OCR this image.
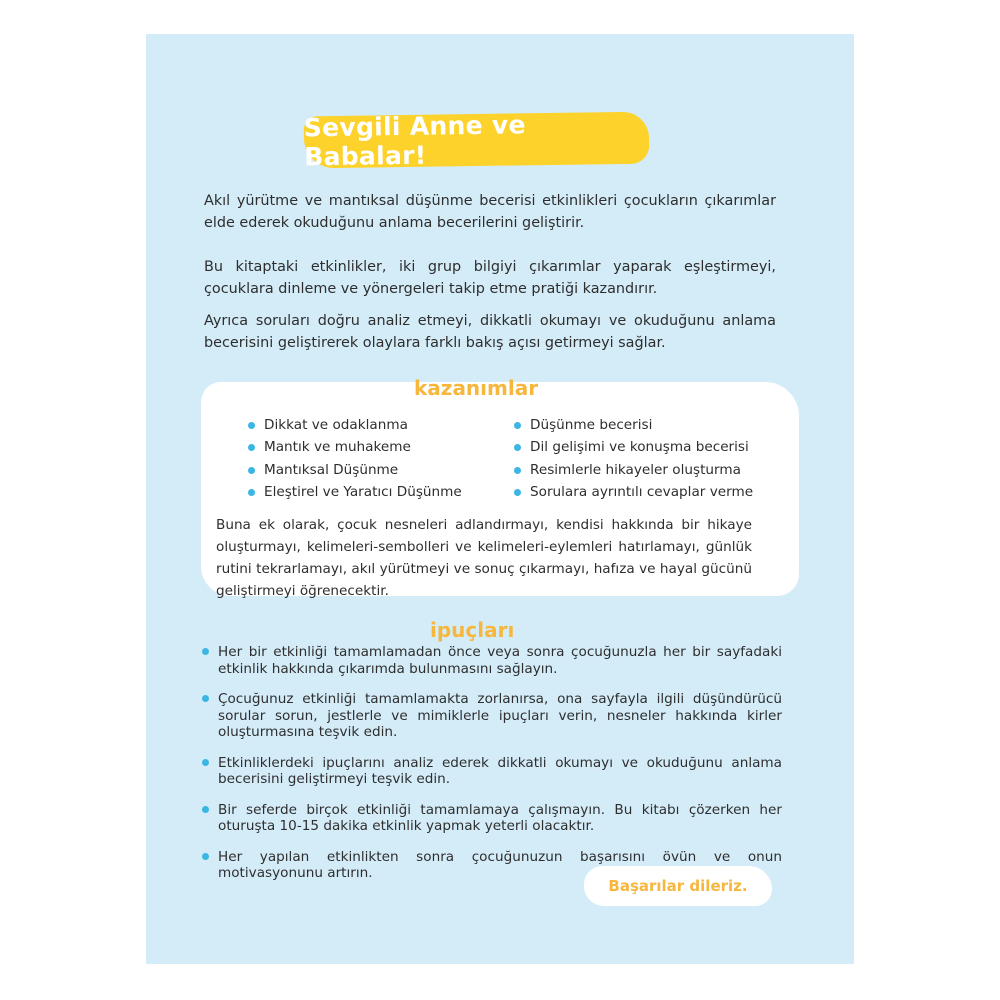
Sevgili Anne ve Babalar!

Akıl yürütme ve mantıksal düşünme becerisi etkinlikleri çocukların çıkarımlar elde ederek okuduğunu anlama becerilerini geliştirir.

Bu kitaptaki etkinlikler, iki grup bilgiyi çıkarımlar yaparak eşleştirmeyi, çocuklara dinleme ve yönergeleri takip etme pratiği kazandırır.

Ayrıca soruları doğru analiz etmeyi, dikkatli okumayı ve okuduğunu anlama becerisini geliştirerek olaylara farklı bakış açısı getirmeyi sağlar.

kazanımlar
Dikkat ve odaklanma
Mantık ve muhakeme
Mantıksal Düşünme
Eleştirel ve Yaratıcı Düşünme
Düşünme becerisi
Dil gelişimi ve konuşma becerisi
Resimlerle hikayeler oluşturma
Sorulara ayrıntılı cevaplar verme

Buna ek olarak, çocuk nesneleri adlandırmayı, kendisi hakkında bir hikaye oluşturmayı, kelimeleri-sembolleri ve kelimeleri-eylemleri hatırlamayı, günlük rutini tekrarlamayı, akıl yürütmeyi ve sonuç çıkarmayı, hafıza ve hayal gücünü geliştirmeyi öğrenecektir.

ipuçları
Her bir etkinliği tamamlamadan önce veya sonra çocuğunuzla her bir sayfadaki etkinlik hakkında çıkarımda bulunmasını sağlayın.
Çocuğunuz etkinliği tamamlamakta zorlanırsa, ona sayfayla ilgili düşündürücü sorular sorun, jestlerle ve mimiklerle ipuçları verin, nesneler hakkında kirler oluşturmasına teşvik edin.
Etkinliklerdeki ipuçlarını analiz ederek dikkatli okumayı ve okuduğunu anlama becerisini geliştirmeyi teşvik edin.
Bir seferde birçok etkinliği tamamlamaya çalışmayın. Bu kitabı çözerken her oturuşta 10-15 dakika etkinlik yapmak yeterli olacaktır.
Her yapılan etkinlikten sonra çocuğunuzun başarısını övün ve onun motivasyonunu artırın.
Başarılar dileriz.
